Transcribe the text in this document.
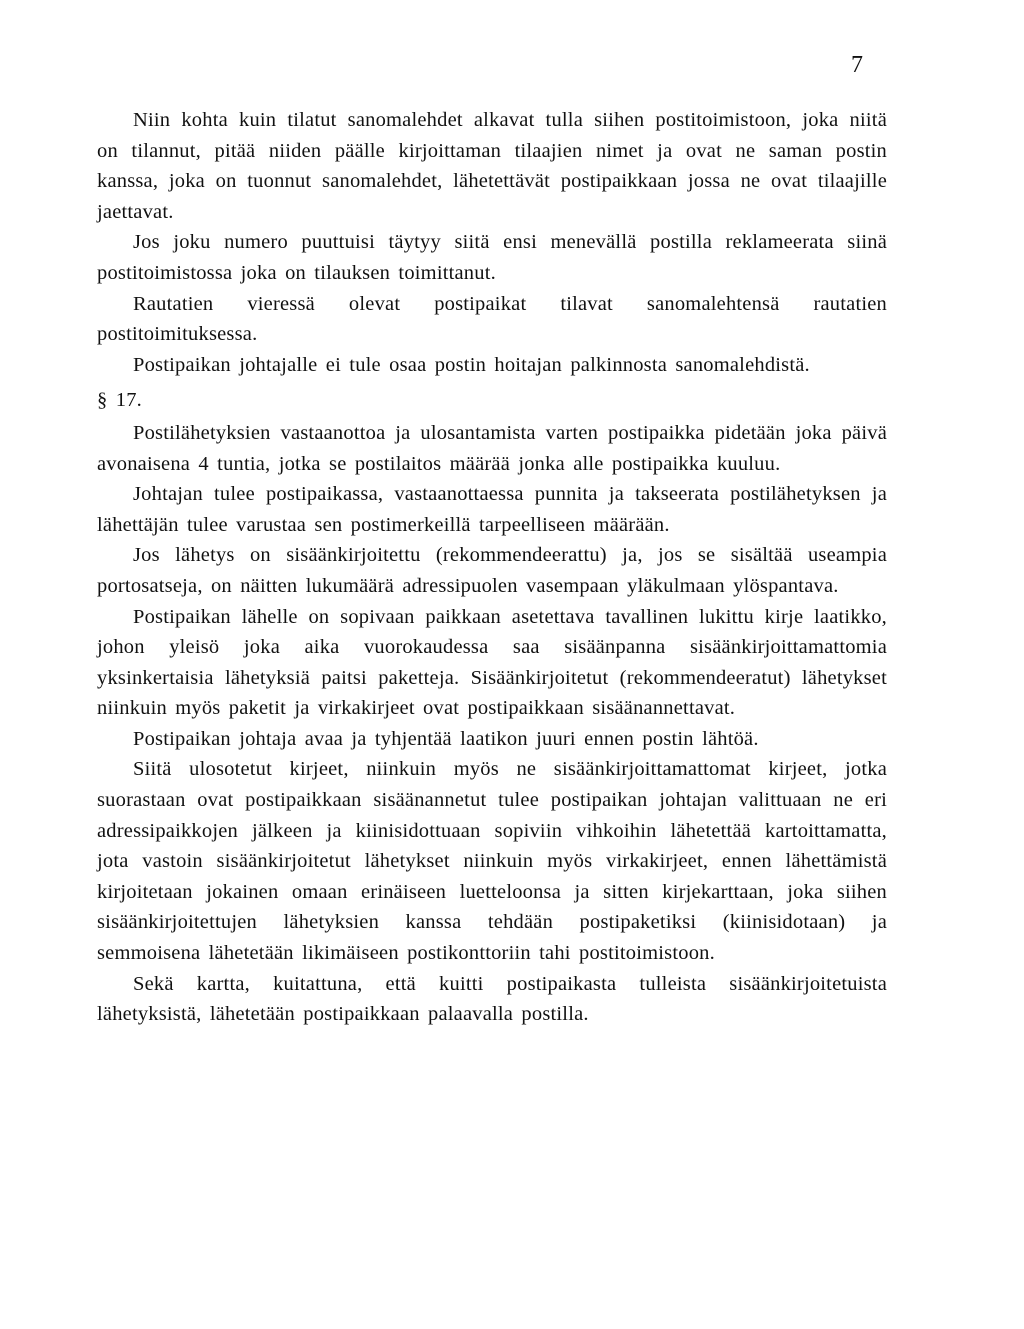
7

Niin kohta kuin tilatut sanomalehdet alkavat tulla siihen postitoimistoon, joka niitä on tilannut, pitää niiden päälle kirjoittaman tilaajien nimet ja ovat ne saman postin kanssa, joka on tuonnut sanomalehdet, lähetettävät postipaikkaan jossa ne ovat tilaajille jaettavat.

Jos joku numero puuttuisi täytyy siitä ensi menevällä postilla reklameerata siinä postitoimistossa joka on tilauksen toimittanut.

Rautatien vieressä olevat postipaikat tilavat sanomalehtensä rautatien postitoimituksessa.

Postipaikan johtajalle ei tule osaa postin hoitajan palkinnosta sanomalehdistä.

§ 17.

Postilähetyksien vastaanottoa ja ulosantamista varten postipaikka pidetään joka päivä avonaisena 4 tuntia, jotka se postilaitos määrää jonka alle postipaikka kuuluu.

Johtajan tulee postipaikassa, vastaanottaessa punnita ja takseerata postilähetyksen ja lähettäjän tulee varustaa sen postimerkeillä tarpeelliseen määrään.

Jos lähetys on sisäänkirjoitettu (rekommendeerattu) ja, jos se sisältää useampia portosatseja, on näitten lukumäärä adressipuolen vasempaan yläkulmaan ylöspantava.

Postipaikan lähelle on sopivaan paikkaan asetettava tavallinen lukittu kirje laatikko, johon yleisö joka aika vuorokaudessa saa sisäänpanna sisäänkirjoittamattomia yksinkertaisia lähetyksiä paitsi paketteja. Sisäänkirjoitetut (rekommendeeratut) lähetykset niinkuin myös paketit ja virkakirjeet ovat postipaikkaan sisäänannettavat.

Postipaikan johtaja avaa ja tyhjentää laatikon juuri ennen postin lähtöä.

Siitä ulosotetut kirjeet, niinkuin myös ne sisäänkirjoittamattomat kirjeet, jotka suorastaan ovat postipaikkaan sisäänannetut tulee postipaikan johtajan valittuaan ne eri adressipaikkojen jälkeen ja kiinisidottuaan sopiviin vihkoihin lähetettää kartoittamatta, jota vastoin sisäänkirjoitetut lähetykset niinkuin myös virkakirjeet, ennen lähettämistä kirjoitetaan jokainen omaan erinäiseen luetteloonsa ja sitten kirjekarttaan, joka siihen sisäänkirjoitettujen lähetyksien kanssa tehdään postipaketiksi (kiinisidotaan) ja semmoisena lähetetään likimäiseen postikonttoriin tahi postitoimistoon.

Sekä kartta, kuitattuna, että kuitti postipaikasta tulleista sisäänkirjoitetuista lähetyksistä, lähetetään postipaikkaan palaavalla postilla.
